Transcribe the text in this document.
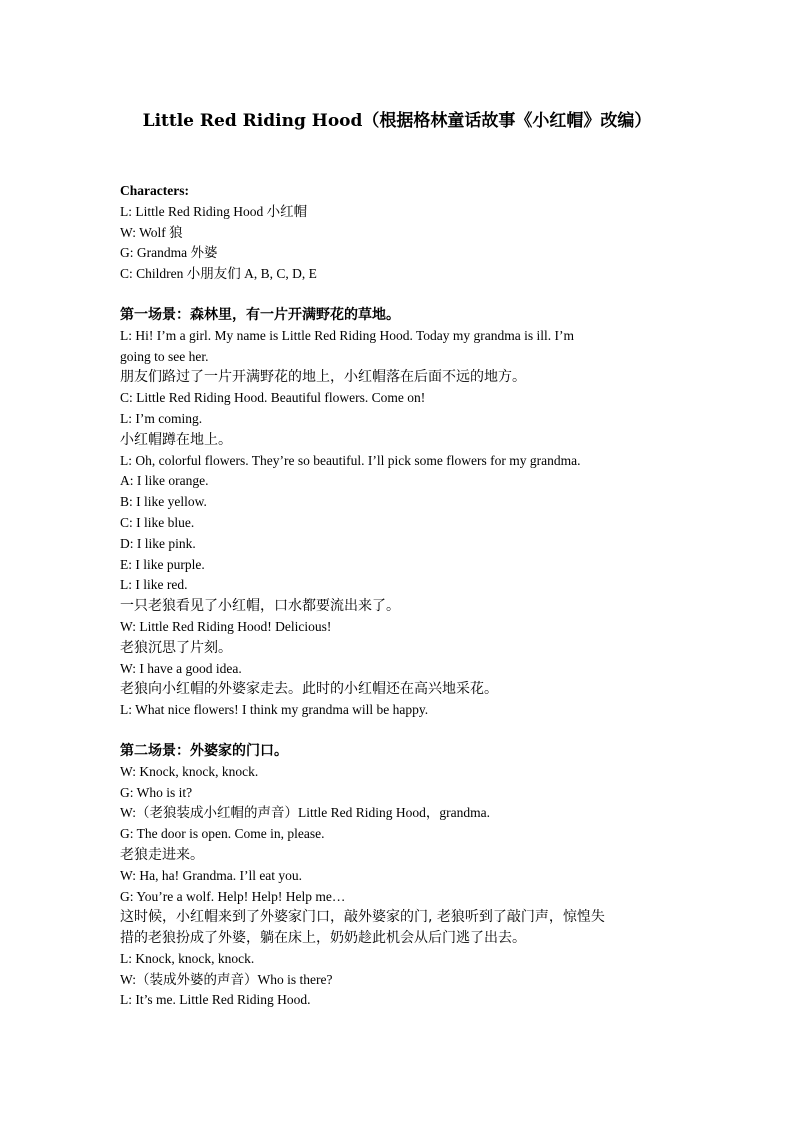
Little Red Riding Hood（根据格林童话故事《小红帽》改编）
Characters:
L: Little Red Riding Hood 小红帽
W: Wolf 狼
G: Grandma 外婆
C: Children 小朋友们 A, B, C, D, E
第一场景：森林里，有一片开满野花的草地。
L: Hi! I’m a girl. My name is Little Red Riding Hood. Today my grandma is ill. I’m
going to see her.
朋友们路过了一片开满野花的地上，小红帽落在后面不远的地方。
C: Little Red Riding Hood. Beautiful flowers. Come on!
L: I’m coming.
小红帽蹲在地上。
L: Oh, colorful flowers. They’re so beautiful. I’ll pick some flowers for my grandma.
A: I like orange.
B: I like yellow.
C: I like blue.
D: I like pink.
E: I like purple.
L: I like red.
一只老狼看见了小红帽，口水都要流出来了。
W: Little Red Riding Hood! Delicious!
老狼沉思了片刻。
W: I have a good idea.
老狼向小红帽的外婆家走去。此时的小红帽还在高兴地采花。
L: What nice flowers! I think my grandma will be happy.
第二场景：外婆家的门口。
W: Knock, knock, knock.
G: Who is it?
W:（老狼装成小红帽的声音）Little Red Riding Hood，grandma.
G: The door is open. Come in, please.
老狼走进来。
W: Ha, ha! Grandma. I’ll eat you.
G: You’re a wolf. Help! Help! Help me…
这时候，小红帽来到了外婆家门口，敲外婆家的门, 老狼听到了敲门声，惊惶失
措的老狼扮成了外婆，躺在床上，奶奶趁此机会从后门逃了出去。
L: Knock, knock, knock.
W:（装成外婆的声音）Who is there?
L: It’s me. Little Red Riding Hood.
